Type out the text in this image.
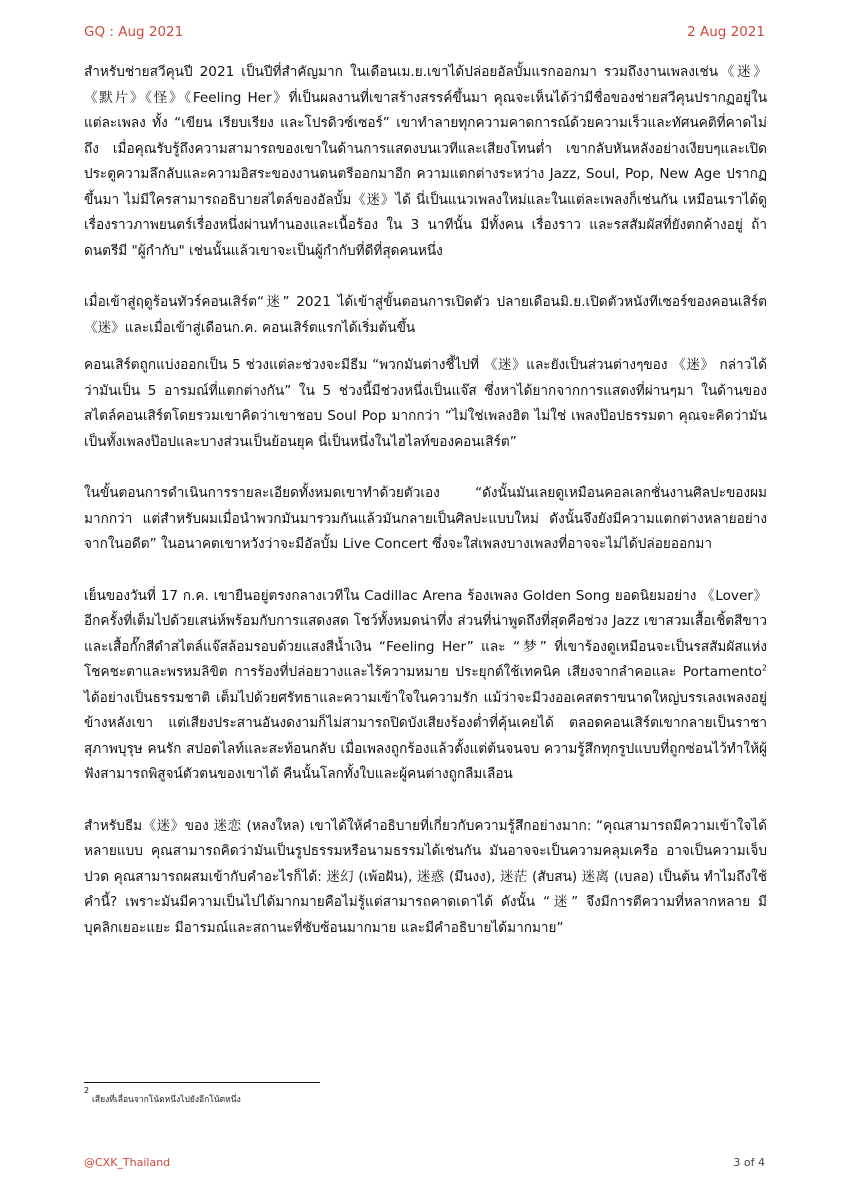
GQ : Aug 2021	2 Aug 2021

สำหรับช่ายสวีคุนปี 2021 เป็นปีที่สำคัญมาก ในเดือนเม.ย.เขาได้ปล่อยอัลบั้มแรกออกมา รวมถึงงานเพลงเช่น《迷》《默片》《怪》《Feeling Her》ที่เป็นผลงานที่เขาสร้างสรรค์ขึ้นมา คุณจะเห็นได้ว่ามีชื่อของช่ายสวีคุนปรากฏอยู่ในแต่ละเพลง ทั้ง “เขียน เรียบเรียง และโปรดิวซ์เซอร์” เขาทำลายทุกความคาดการณ์ด้วยความเร็วและทัศนคติที่คาดไม่ถึง เมื่อคุณรับรู้ถึงความสามารถของเขาในด้านการแสดงบนเวทีและเสียงโทนต่ำ เขากลับหันหลังอย่างเงียบๆและเปิดประตูความลึกลับและความอิสระของงานดนตรีออกมาอีก ความแตกต่างระหว่าง Jazz, Soul, Pop, New Age ปรากฏขึ้นมา ไม่มีใครสามารถอธิบายสไตล์ของอัลบั้ม《迷》ได้ นี่เป็นแนวเพลงใหม่และในแต่ละเพลงก็เช่นกัน เหมือนเราได้ดูเรื่องราวภาพยนตร์เรื่องหนึ่งผ่านทำนองและเนื้อร้อง ใน 3 นาทีนั้น มีทั้งคน เรื่องราว และรสสัมผัสที่ยังตกค้างอยู่ ถ้าดนตรีมี "ผู้กำกับ" เช่นนั้นแล้วเขาจะเป็นผู้กำกับที่ดีที่สุดคนหนึ่ง

เมื่อเข้าสู่ฤดูร้อนทัวร์คอนเสิร์ต“迷” 2021 ได้เข้าสู่ขั้นตอนการเปิดตัว ปลายเดือนมิ.ย.เปิดตัวหนังทีเซอร์ของคอนเสิร์ต《迷》และเมื่อเข้าสู่เดือนก.ค. คอนเสิร์ตแรกได้เริ่มต้นขึ้น

คอนเสิร์ตถูกแบ่งออกเป็น 5 ช่วงแต่ละช่วงจะมีธีม “พวกมันต่างชี้ไปที่ 《迷》และยังเป็นส่วนต่างๆของ 《迷》 กล่าวได้ว่ามันเป็น 5 อารมณ์ที่แตกต่างกัน” ใน 5 ช่วงนี้มีช่วงหนึ่งเป็นแจ๊ส ซึ่งหาได้ยากจากการแสดงที่ผ่านๆมา ในด้านของสไตล์คอนเสิร์ตโดยรวมเขาคิดว่าเขาชอบ Soul Pop มากกว่า “ไม่ใช่เพลงฮิต ไม่ใช่ เพลงป๊อปธรรมดา คุณจะคิดว่ามันเป็นทั้งเพลงป๊อปและบางส่วนเป็นย้อนยุค นี่เป็นหนึ่งในไฮไลท์ของคอนเสิร์ต”

ในขั้นตอนการดำเนินการรายละเอียดทั้งหมดเขาทำด้วยตัวเอง “ดังนั้นมันเลยดูเหมือนคอลเลกชั่นงานศิลปะของผมมากกว่า แต่สำหรับผมเมื่อนำพวกมันมารวมกันแล้วมันกลายเป็นศิลปะแบบใหม่ ดังนั้นจึงยังมีความแตกต่างหลายอย่างจากในอดีต” ในอนาคตเขาหวังว่าจะมีอัลบั้ม Live Concert ซึ่งจะใส่เพลงบางเพลงที่อาจจะไม่ได้ปล่อยออกมา

เย็นของวันที่ 17 ก.ค. เขายืนอยู่ตรงกลางเวทีใน Cadillac Arena ร้องเพลง Golden Song ยอดนิยมอย่าง 《Lover》 อีกครั้งที่เต็มไปด้วยเสน่ห์พร้อมกับการแสดงสด โชว์ทั้งหมดน่าทึ่ง ส่วนที่น่าพูดถึงที่สุดคือช่วง Jazz เขาสวมเสื้อเชิ้ตสีขาวและเสื้อกั๊กสีดำสไตล์แจ๊สล้อมรอบด้วยแสงสีน้ำเงิน “Feeling Her” และ “梦” ที่เขาร้องดูเหมือนจะเป็นรสสัมผัสแห่งโชคชะตาและพรหมลิขิต การร้องที่ปล่อยวางและไร้ความหมาย ประยุกต์ใช้เทคนิค เสียงจากลำคอและ Portamento$^2$ ได้อย่างเป็นธรรมชาติ เต็มไปด้วยศรัทธาและความเข้าใจในความรัก แม้ว่าจะมีวงออเคสตราขนาดใหญ่บรรเลงเพลงอยู่ข้างหลังเขา แต่เสียงประสานอันงดงามก็ไม่สามารถปิดบังเสียงร้องต่ำที่คุ้นเคยได้ ตลอดคอนเสิร์ตเขากลายเป็นราชา สุภาพบุรุษ คนรัก สปอตไลท์และสะท้อนกลับ เมื่อเพลงถูกร้องแล้วตั้งแต่ต้นจนจบ ความรู้สึกทุกรูปแบบที่ถูกซ่อนไว้ทำให้ผู้ฟังสามารถพิสูจน์ตัวตนของเขาได้ คืนนั้นโลกทั้งใบและผู้คนต่างถูกลืมเลือน

สำหรับธีม《迷》ของ 迷恋 (หลงใหล) เขาได้ให้คำอธิบายที่เกี่ยวกับความรู้สึกอย่างมาก: “คุณสามารถมีความเข้าใจได้หลายแบบ คุณสามารถคิดว่ามันเป็นรูปธรรมหรือนามธรรมได้เช่นกัน มันอาจจะเป็นความคลุมเครือ อาจเป็นความเจ็บปวด คุณสามารถผสมเข้ากับคำอะไรก็ได้: 迷幻 (เพ้อฝัน), 迷惑 (มึนงง), 迷茫 (สับสน) 迷离 (เบลอ) เป็นต้น ทำไมถึงใช้คำนี้? เพราะมันมีความเป็นไปได้มากมายคือไม่รู้แต่สามารถคาดเดาได้ ดังนั้น “迷” จึงมีการตีความที่หลากหลาย มีบุคลิกเยอะแยะ มีอารมณ์และสถานะที่ซับซ้อนมากมาย และมีคำอธิบายได้มากมาย”

2
เสียงที่เลื่อนจากโน้ตหนึ่งไปยังอีกโน้ตหนึ่ง
@CXK_Thailand	3 of 4
